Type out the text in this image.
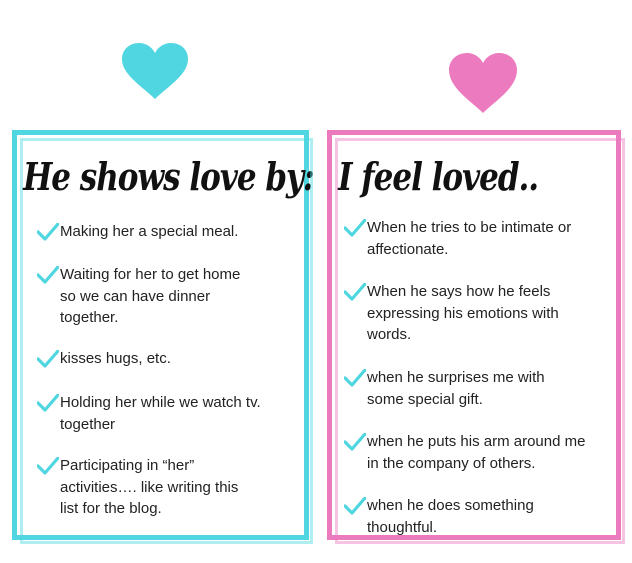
He shows love by:
Making her a special meal.
Waiting for her to get home so we can have dinner together.
kisses hugs, etc.
Holding her while we watch tv. together
Participating in “her” activities…. like writing this list for the blog.
I feel loved..
When he tries to be intimate or affectionate.
When he says how he feels expressing his emotions with words.
when he surprises me with some special gift.
when he puts his arm around me in the company of others.
when he does something thoughtful.
